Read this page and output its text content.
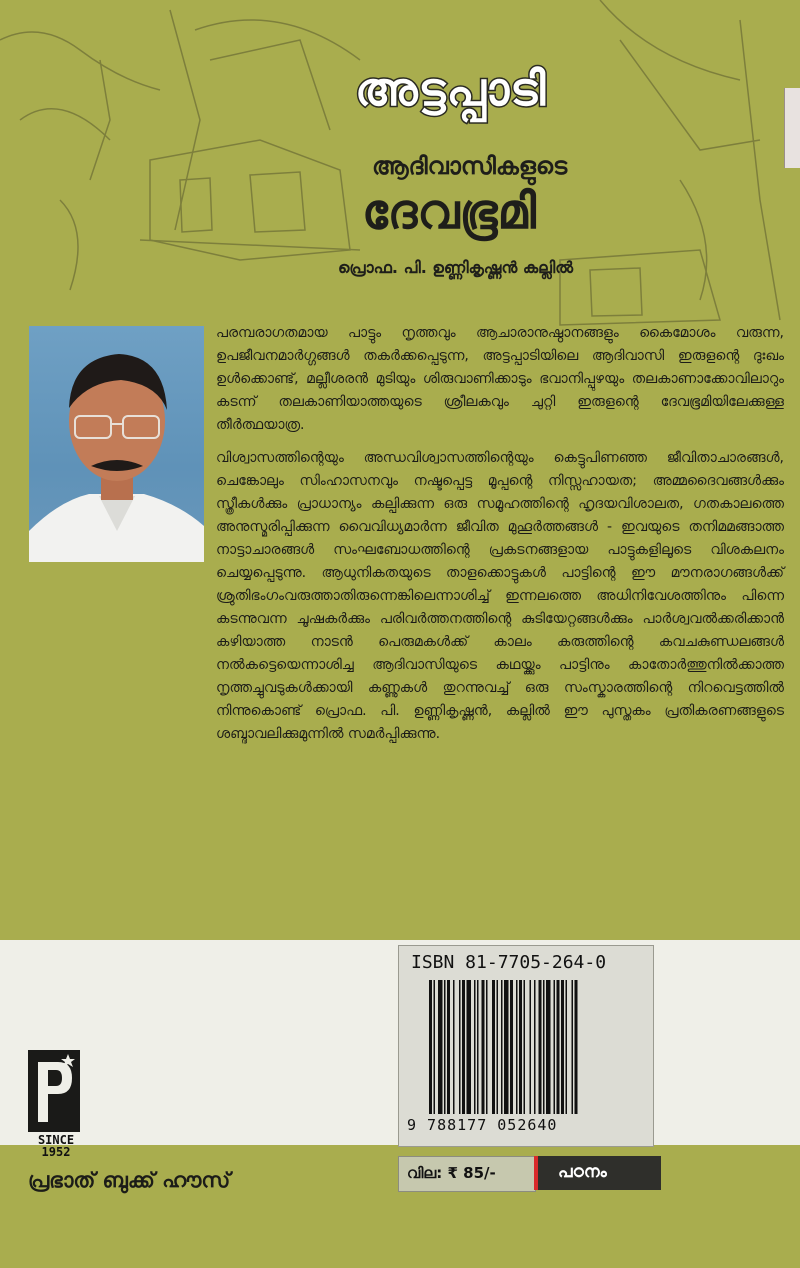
അട്ടപ്പാടി
ആദിവാസികളുടെ
ദേവഭൂമി
പ്രൊഫ. പി. ഉണ്ണികൃഷ്ണൻ കല്ലിൽ

പരമ്പരാഗതമായ പാട്ടും നൃത്തവും ആചാരാനുഷ്ഠാനങ്ങളും കൈമോശം വരുന്ന, ഉപജീവനമാർഗ്ഗങ്ങൾ തകർക്കപ്പെടുന്ന, അട്ടപ്പാടിയിലെ ആദിവാസി ഇരുളന്റെ ദുഃഖം ഉൾക്കൊണ്ട്, മല്ലീശരൻ മുടിയും ശിരുവാണിക്കാടും ഭവാനിപ്പുഴയും തലകാണാക്കോവിലാറും കടന്ന് തലകാണിയാത്തയുടെ ശ്രീലകവും ചുറ്റി ഇരുളന്റെ ദേവഭൂമിയിലേക്കുള്ള തീർത്ഥയാത്ര.

വിശ്വാസത്തിന്റെയും അന്ധവിശ്വാസത്തിന്റെയും കെട്ടുപിണഞ്ഞ ജീവിതാചാരങ്ങൾ, ചെങ്കോലും സിംഹാസനവും നഷ്ടപ്പെട്ട മൂപ്പന്റെ നിസ്സഹായത; അമ്മദൈവങ്ങൾക്കും സ്ത്രീകൾക്കും പ്രാധാന്യം കല്പിക്കുന്ന ഒരു സമൂഹത്തിന്റെ ഹൃദയവിശാലത, ഗതകാലത്തെ അനുസ്മരിപ്പിക്കുന്ന വൈവിധ്യമാർന്ന ജീവിത മുഹൂർത്തങ്ങൾ - ഇവയുടെ തനിമമങ്ങാത്ത നാട്ടാചാരങ്ങൾ സംഘബോധത്തിന്റെ പ്രകടനങ്ങളായ പാട്ടുകളിലൂടെ വിശകലനം ചെയ്യപ്പെടുന്നു. ആധുനികതയുടെ താളക്കൊട്ടുകൾ പാട്ടിന്റെ ഈ മൗനരാഗങ്ങൾക്ക് ശ്രുതിഭംഗംവരുത്താതിരുന്നെങ്കിലെന്നാശിച്ച് ഇന്നലത്തെ അധിനിവേശത്തിനും പിന്നെ കടന്നുവന്ന ചൂഷകർക്കും പരിവർത്തനത്തിന്റെ കുടിയേറ്റങ്ങൾക്കും പാർശ്വവൽക്കരിക്കാൻ കഴിയാത്ത നാടൻ പെരുമകൾക്ക് കാലം കരുത്തിന്റെ കവചകുണ്ഡലങ്ങൾ നൽകട്ടെയെന്നാശിച്ച ആദിവാസിയുടെ കഥയ്ക്കും പാട്ടിനും കാതോർത്തുനിൽക്കാത്ത നൃത്തച്ചുവടുകൾക്കായി കണ്ണുകൾ തുറന്നുവച്ച് ഒരു സംസ്കാരത്തിന്റെ നിറവെട്ടത്തിൽ നിന്നുകൊണ്ട് പ്രൊഫ. പി. ഉണ്ണികൃഷ്ണൻ, കല്ലിൽ ഈ പുസ്തകം പ്രതികരണങ്ങളുടെ ശബ്ദാവലിക്കുമുന്നിൽ സമർപ്പിക്കുന്നു.

ISBN 81-7705-264-0
9 788177 052640
SINCE
1952
പ്രഭാത് ബുക്ക് ഹൗസ്	വില: ₹ 85/-	പഠനം
